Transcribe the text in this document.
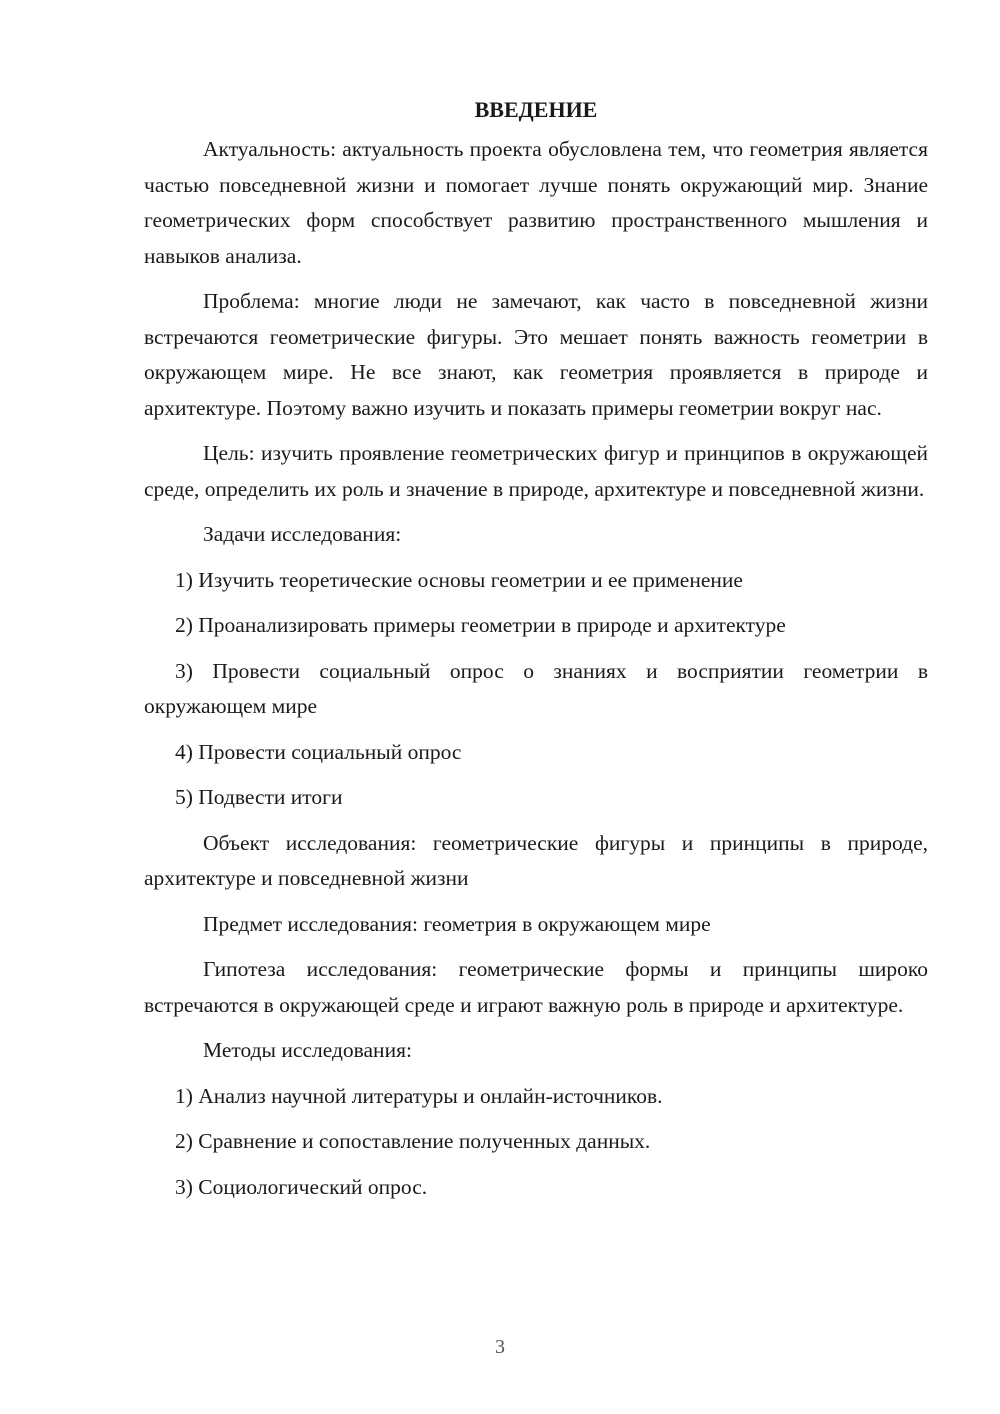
ВВЕДЕНИЕ

Актуальность: актуальность проекта обусловлена тем, что геометрия является частью повседневной жизни и помогает лучше понять окружающий мир. Знание геометрических форм способствует развитию пространственного мышления и навыков анализа.

Проблема: многие люди не замечают, как часто в повседневной жизни встречаются геометрические фигуры. Это мешает понять важность геометрии в окружающем мире. Не все знают, как геометрия проявляется в природе и архитектуре. Поэтому важно изучить и показать примеры геометрии вокруг нас.

Цель: изучить проявление геометрических фигур и принципов в окружающей среде, определить их роль и значение в природе, архитектуре и повседневной жизни.

Задачи исследования:

1) Изучить теоретические основы геометрии и ее применение

2) Проанализировать примеры геометрии в природе и архитектуре

3) Провести социальный опрос о знаниях и восприятии геометрии в окружающем мире

4) Провести социальный опрос

5) Подвести итоги

Объект исследования: геометрические фигуры и принципы в природе, архитектуре и повседневной жизни

Предмет исследования: геометрия в окружающем мире

Гипотеза исследования: геометрические формы и принципы широко встречаются в окружающей среде и играют важную роль в природе и архитектуре.

Методы исследования:

1) Анализ научной литературы и онлайн-источников.

2) Сравнение и сопоставление полученных данных.

3) Социологический опрос.

3
